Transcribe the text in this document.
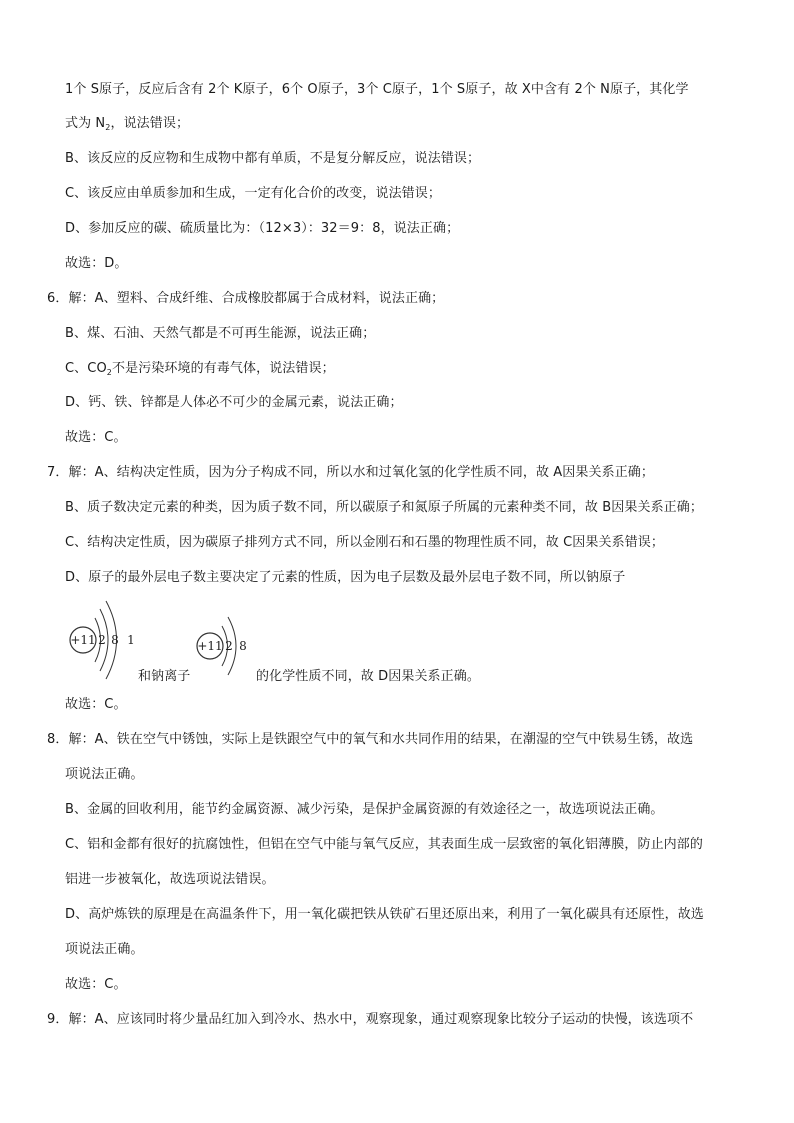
1个 S原子，反应后含有 2个 K原子，6个 O原子，3个 C原子，1个 S原子，故 X中含有 2个 N原子，其化学
式为 $N_2$，说法错误；
B、该反应的反应物和生成物中都有单质，不是复分解反应，说法错误；
C、该反应由单质参加和生成，一定有化合价的改变，说法错误；
D、参加反应的碳、硫质量比为：（12×3）：32＝9：8，说法正确；
故选：D。
6．解：A、塑料、合成纤维、合成橡胶都属于合成材料，说法正确；
B、煤、石油、天然气都是不可再生能源，说法正确；
C、$CO_2$不是污染环境的有毒气体，说法错误；
D、钙、铁、锌都是人体必不可少的金属元素，说法正确；
故选：C。
7．解：A、结构决定性质，因为分子构成不同，所以水和过氧化氢的化学性质不同，故 A因果关系正确；
B、质子数决定元素的种类，因为质子数不同，所以碳原子和氮原子所属的元素种类不同，故 B因果关系正确；
C、结构决定性质，因为碳原子排列方式不同，所以金刚石和石墨的物理性质不同，故 C因果关系错误；
D、原子的最外层电子数主要决定了元素的性质，因为电子层数及最外层电子数不同，所以钠原子
+11 2 8 1
和钠离子
+11 2 8
的化学性质不同，故 D因果关系正确。
故选：C。
8．解：A、铁在空气中锈蚀，实际上是铁跟空气中的氧气和水共同作用的结果，在潮湿的空气中铁易生锈，故选
项说法正确。
B、金属的回收利用，能节约金属资源、减少污染，是保护金属资源的有效途径之一，故选项说法正确。
C、铝和金都有很好的抗腐蚀性，但铝在空气中能与氧气反应，其表面生成一层致密的氧化铝薄膜，防止内部的
铝进一步被氧化，故选项说法错误。
D、高炉炼铁的原理是在高温条件下，用一氧化碳把铁从铁矿石里还原出来，利用了一氧化碳具有还原性，故选
项说法正确。
故选：C。
9．解：A、应该同时将少量品红加入到冷水、热水中，观察现象，通过观察现象比较分子运动的快慢，该选项不
